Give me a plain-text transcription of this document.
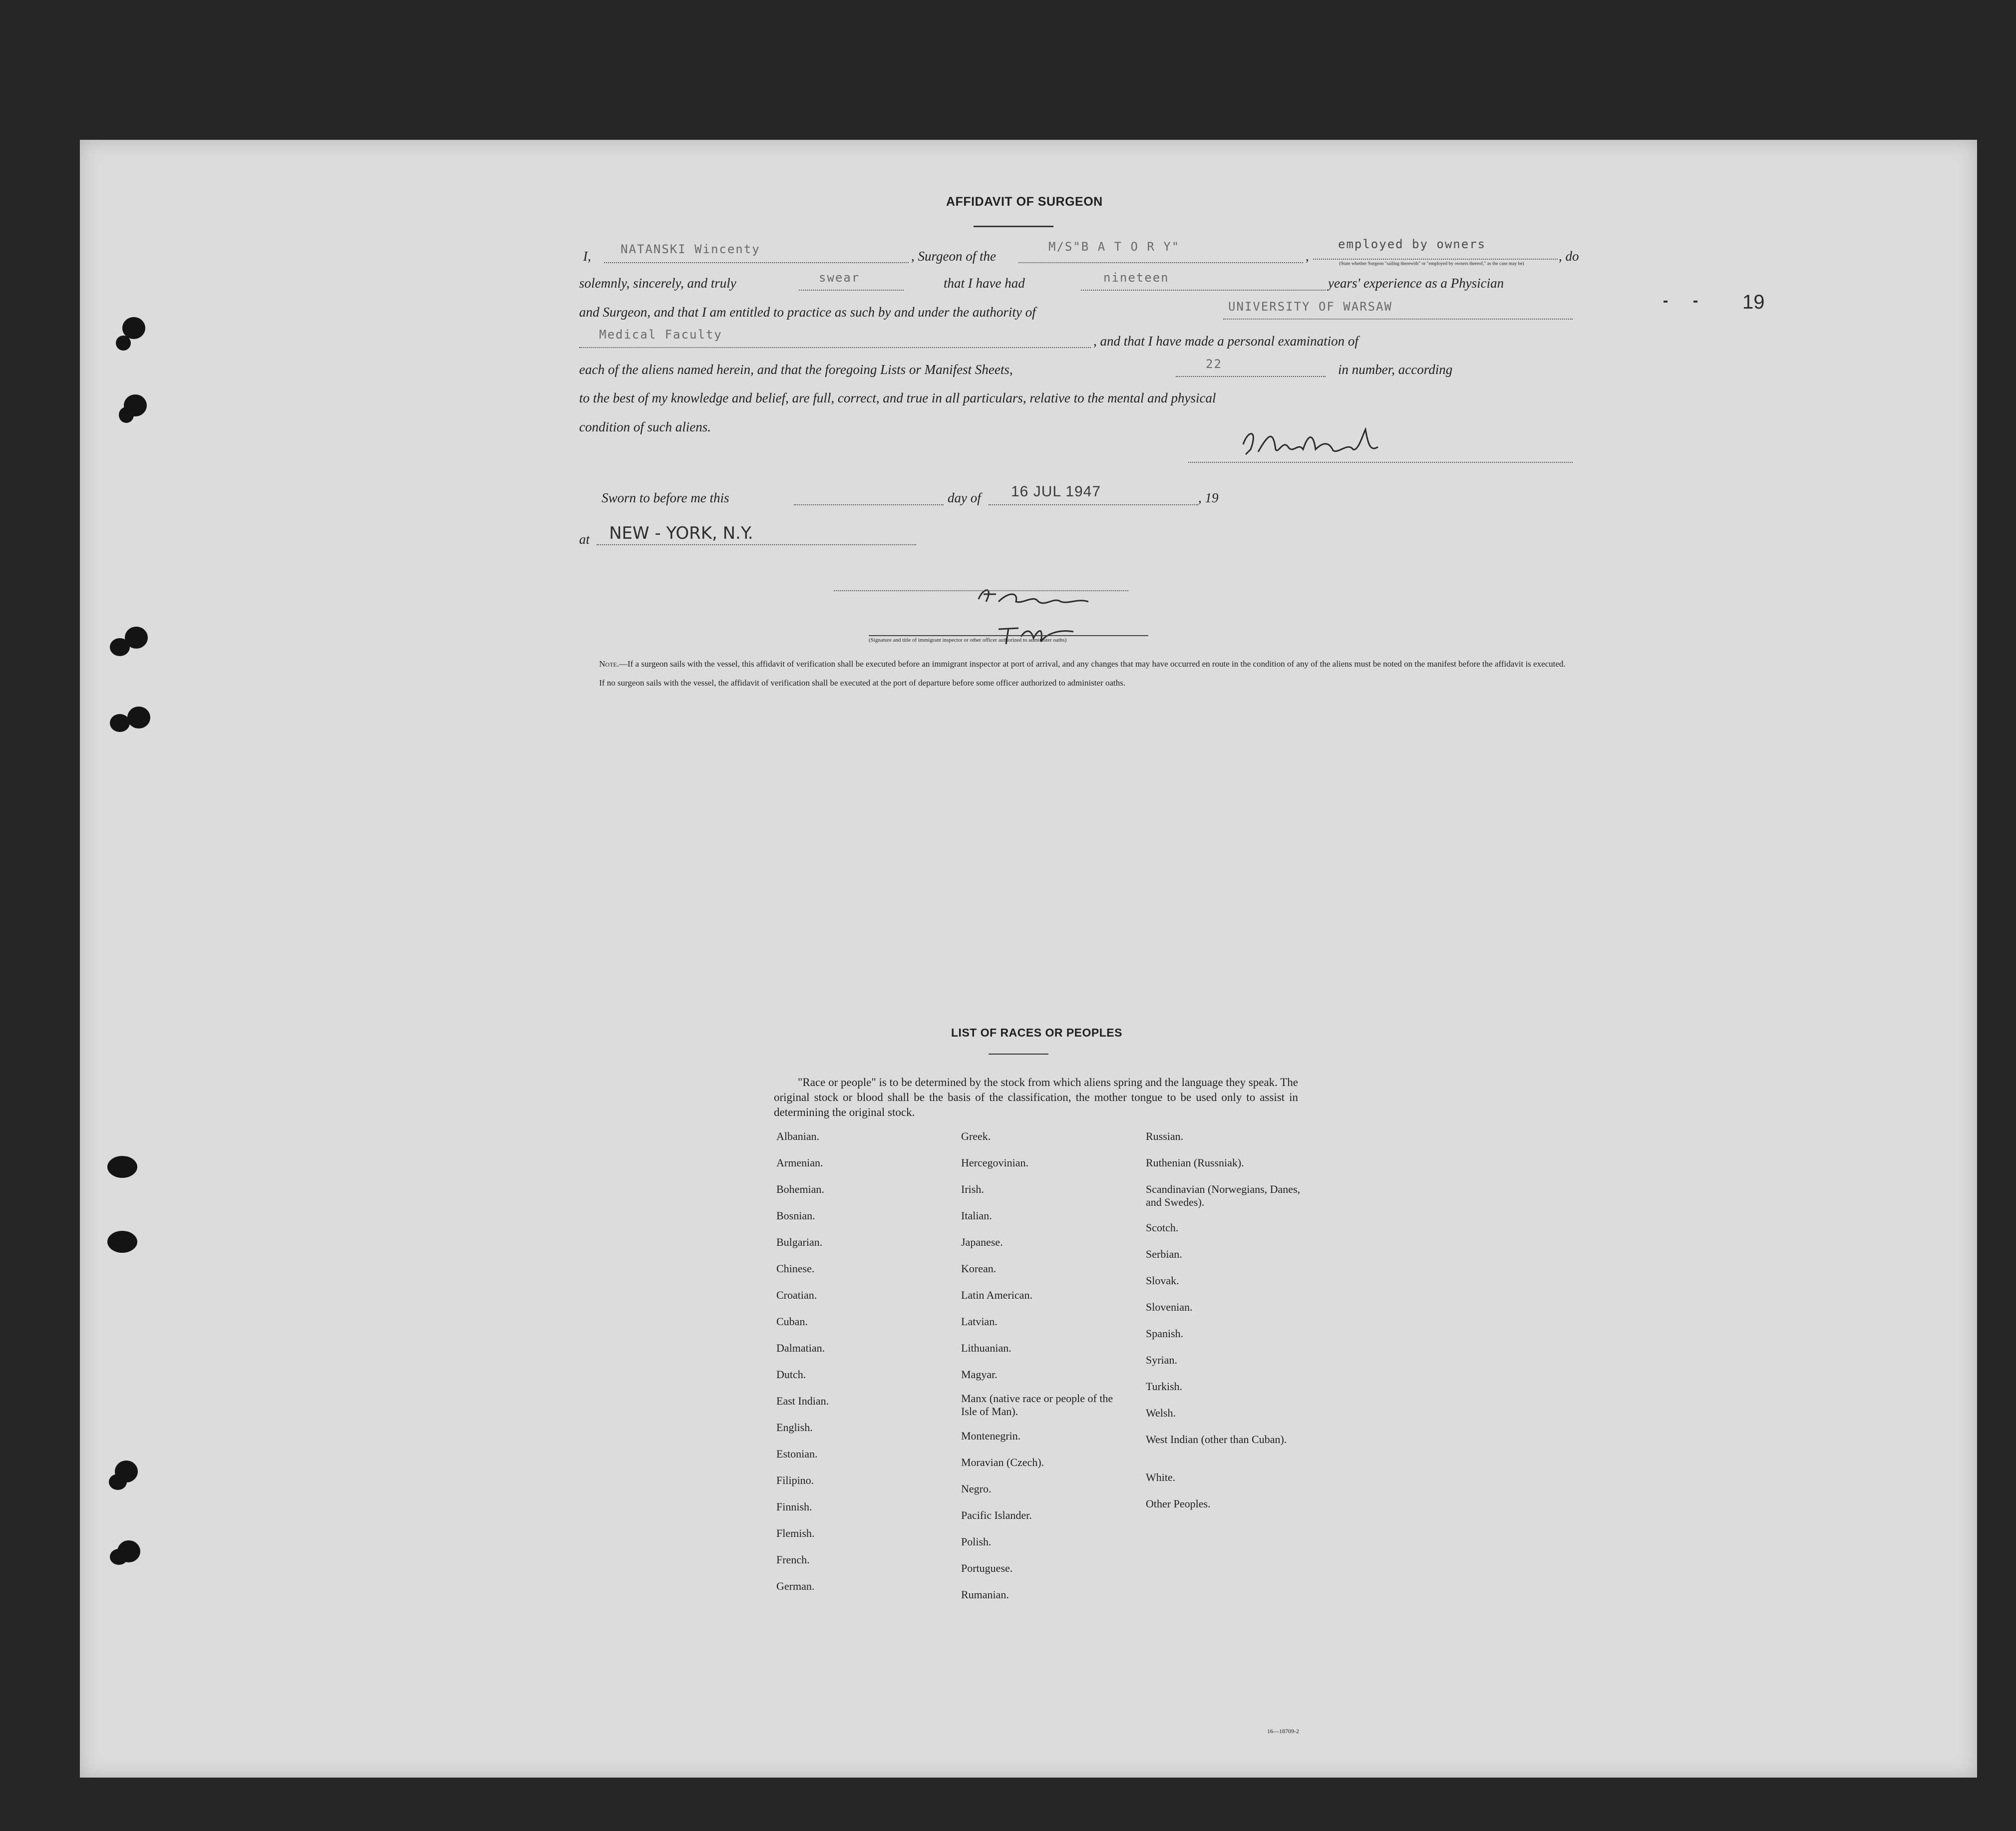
19
AFFIDAVIT OF SURGEON
I, NATANSKI Wincenty	, Surgeon of the
M/S"B A T O R Y"
,
employed by owners
(State whether Surgeon "sailing therewith" or "employed by owners thereof," as the case may be)
, do
solemnly, sincerely, and truly	swear	that I have had	nineteen	years' experience as a Physician
and Surgeon, and that I am entitled to practice as such by and under the authority of	UNIVERSITY OF WARSAW
Medical Faculty	, and that I have made a personal examination of
each of the aliens named herein, and that the foregoing Lists or Manifest Sheets,	22	in number, according
to the best of my knowledge and belief, are full, correct, and true in all particulars, relative to the mental and physical
condition of such aliens.
Sworn to before me this	day of 16 JUL 1947	, 19
at NEW - YORK, N.Y.
(Signature and title of immigrant inspector or other officer authorized to administer oaths)
Note.—If a surgeon sails with the vessel, this affidavit of verification shall be executed before an immigrant inspector at port of arrival, and any changes that may have occurred en route in the condition of any of the aliens must be noted on the manifest before the affidavit is executed.
If no surgeon sails with the vessel, the affidavit of verification shall be executed at the port of departure before some officer authorized to administer oaths.
LIST OF RACES OR PEOPLES
"Race or people" is to be determined by the stock from which aliens spring and the language they speak. The original stock or blood shall be the basis of the classification, the mother tongue to be used only to assist in determining the original stock.
Albanian.
Armenian.
Bohemian.
Bosnian.
Bulgarian.
Chinese.
Croatian.
Cuban.
Dalmatian.
Dutch.
East Indian.
English.
Estonian.
Filipino.
Finnish.
Flemish.
French.
German.
Greek.
Hercegovinian.
Irish.
Italian.
Japanese.
Korean.
Latin American.
Latvian.
Lithuanian.
Magyar.
Manx (native race or people of the Isle of Man).
Montenegrin.
Moravian (Czech).
Negro.
Pacific Islander.
Polish.
Portuguese.
Rumanian.
Russian.
Ruthenian (Russniak).
Scandinavian (Norwegians, Danes, and Swedes).
Scotch.
Serbian.
Slovak.
Slovenian.
Spanish.
Syrian.
Turkish.
Welsh.
West Indian (other than Cuban).
White.
Other Peoples.
16—18709-2
